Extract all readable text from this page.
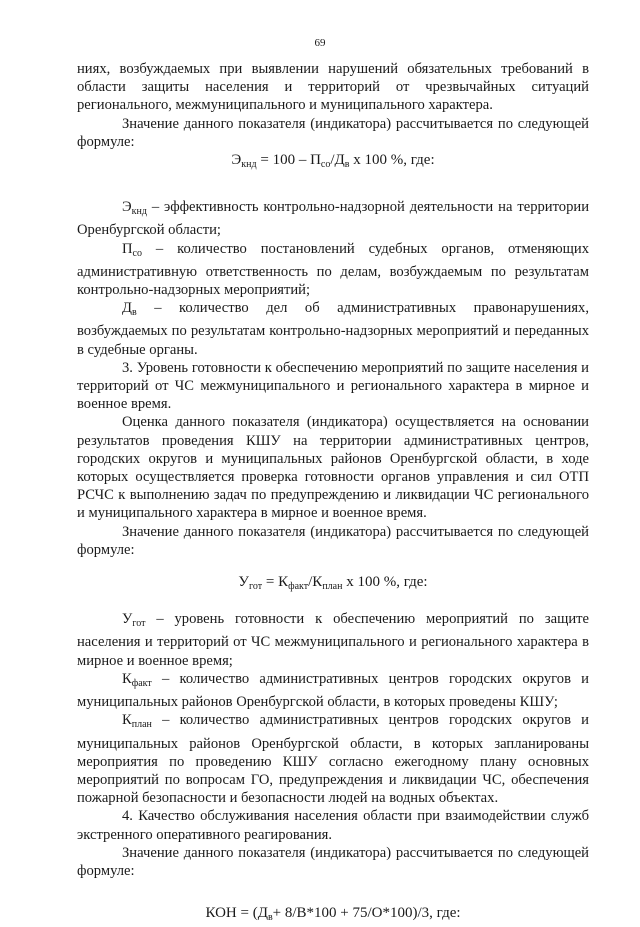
69

ниях, возбуждаемых при выявлении нарушений обязательных требований в области защиты населения и территорий от чрезвычайных ситуаций регионального, межмуниципального и муниципального характера.

Значение данного показателя (индикатора) рассчитывается по следующей формуле:

$Э_{кнд} = 100 - П_{со}/Д_в$ х 100 %, где:

$Э_{кнд}$ – эффективность контрольно-надзорной деятельности на территории Оренбургской области;

$П_{со}$ – количество постановлений судебных органов, отменяющих административную ответственность по делам, возбуждаемым по результатам контрольно-надзорных мероприятий;

$Д_в$ – количество дел об административных правонарушениях, возбуждаемых по результатам контрольно-надзорных мероприятий и переданных в судебные органы.

3. Уровень готовности к обеспечению мероприятий по защите населения и территорий от ЧС межмуниципального и регионального характера в мирное и военное время.

Оценка данного показателя (индикатора) осуществляется на основании результатов проведения КШУ на территории административных центров, городских округов и муниципальных районов Оренбургской области, в ходе которых осуществляется проверка готовности органов управления и сил ОТП РСЧС к выполнению задач по предупреждению и ликвидации ЧС регионального и муниципального характера в мирное и военное время.

Значение данного показателя (индикатора) рассчитывается по следующей формуле:

$У_{гот} = К_{факт}/К_{план}$ х 100 %, где:

$У_{гот}$ – уровень готовности к обеспечению мероприятий по защите населения и территорий от ЧС межмуниципального и регионального характера в мирное и военное время;

$К_{факт}$ – количество административных центров городских округов и муниципальных районов Оренбургской области, в которых проведены КШУ;

$К_{план}$ – количество административных центров городских округов и муниципальных районов Оренбургской области, в которых запланированы мероприятия по проведению КШУ согласно ежегодному плану основных мероприятий по вопросам ГО, предупреждения и ликвидации ЧС, обеспечения пожарной безопасности и безопасности людей на водных объектах.

4. Качество обслуживания населения области при взаимодействии служб экстренного оперативного реагирования.

Значение данного показателя (индикатора) рассчитывается по следующей формуле:

КОН = $(Д_в+ 8/В*100 + 75/О*100)/3$, где:
